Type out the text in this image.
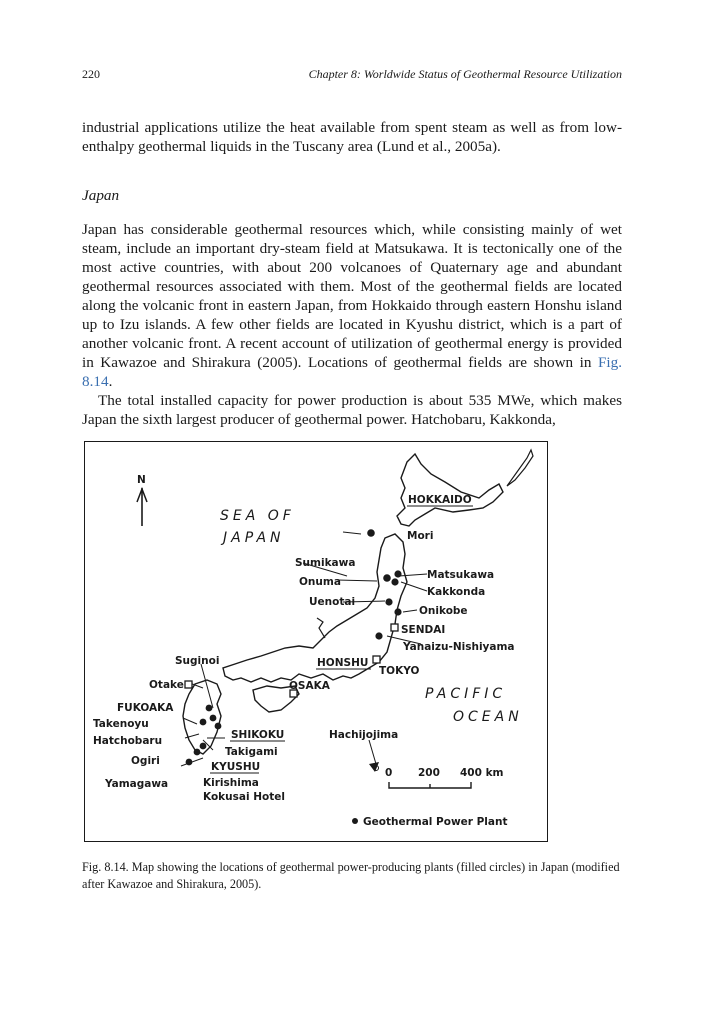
220	Chapter 8: Worldwide Status of Geothermal Resource Utilization
industrial applications utilize the heat available from spent steam as well as from low-enthalpy geothermal liquids in the Tuscany area (Lund et al., 2005a).
Japan

Japan has considerable geothermal resources which, while consisting mainly of wet steam, include an important dry-steam field at Matsukawa. It is tectonically one of the most active countries, with about 200 volcanoes of Quaternary age and abundant geothermal resources associated with them. Most of the geothermal fields are located along the volcanic front in eastern Japan, from Hokkaido through eastern Honshu island up to Izu islands. A few other fields are located in Kyushu district, which is a part of another volcanic front. A recent account of utilization of geothermal energy is provided in Kawazoe and Shirakura (2005). Locations of geothermal fields are shown in Fig. 8.14.

The total installed capacity for power production is about 535 MWe, which makes Japan the sixth largest producer of geothermal power. Hatchobaru, Kakkonda,

N
SEA OF
JAPAN
PACIFIC
OCEAN
HOKKAIDO
Mori
Sumikawa
Onuma
Uenotai
Matsukawa
Kakkonda
Onikobe
SENDAI
Yanaizu-Nishiyama
HONSHU
TOKYO
OSAKA
Suginoi
Otake
FUKOAKA
Takenoyu
Hatchobaru
Ogiri
Yamagawa
SHIKOKU
Takigami
KYUSHU
Kirishima
Kokusai Hotel
Hachijojima
0 200 400 km
Geothermal Power Plant
Fig. 8.14. Map showing the locations of geothermal power-producing plants (filled circles) in Japan (modified after Kawazoe and Shirakura, 2005).
